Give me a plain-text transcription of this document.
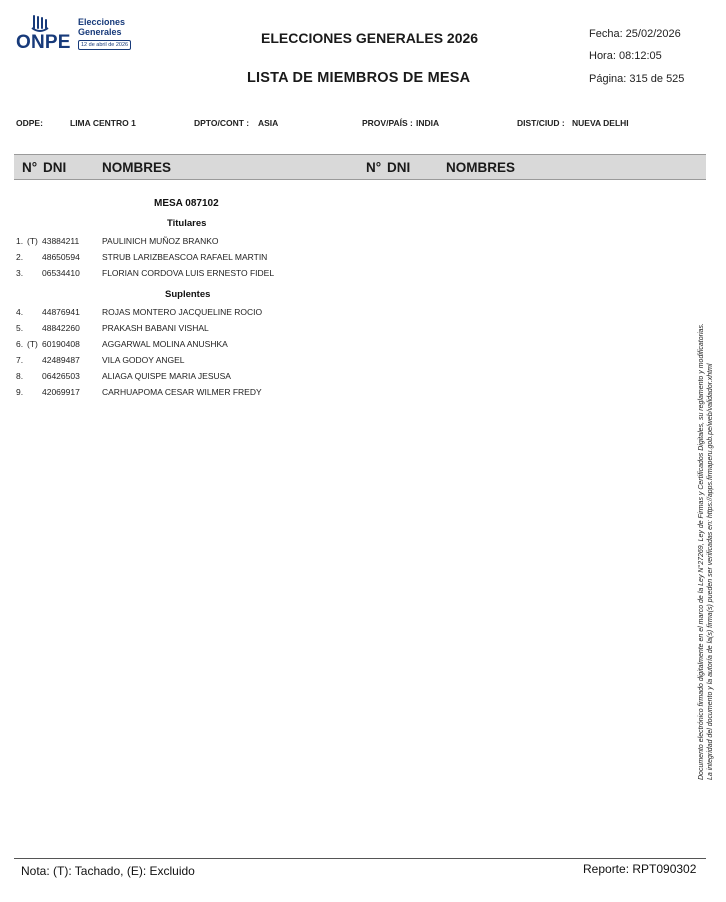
ONPE
Elecciones Generales
12 de abril de 2026	ELECCIONES GENERALES 2026
LISTA DE MIEMBROS DE MESA
Fecha: 25/02/2026
Hora: 08:12:05
Página: 315 de 525
ODPE:	LIMA CENTRO 1	DPTO/CONT : ASIA	PROV/PAÍS : INDIA	DIST/CIUD : NUEVA DELHI
N° DNI	NOMBRES	N° DNI	NOMBRES
MESA 087102
Titulares
1. (T) 43884211	PAULINICH MUÑOZ BRANKO
2. 48650594	STRUB LARIZBEASCOA RAFAEL MARTIN
3. 06534410	FLORIAN CORDOVA LUIS ERNESTO FIDEL
Suplentes
4. 44876941	ROJAS MONTERO JACQUELINE ROCIO
5. 48842260	PRAKASH BABANI VISHAL
6. (T) 60190408	AGGARWAL MOLINA ANUSHKA
7. 42489487	VILA GODOY ANGEL
8. 06426503	ALIAGA QUISPE MARIA JESUSA
9. 42069917	CARHUAPOMA CESAR WILMER FREDY	Documento electrónico firmado digitalmente en el marco de la Ley N°27269, Ley de Firmas y Certificados Digitales, su reglamento y modificatorias. La integridad del documento y la autoría de la(s) firma(s) pueden ser verificadas en: https://apps.firmaperu.gob.pe/web/validador.xhtml
Nota: (T): Tachado, (E): Excluido	Reporte: RPT090302
